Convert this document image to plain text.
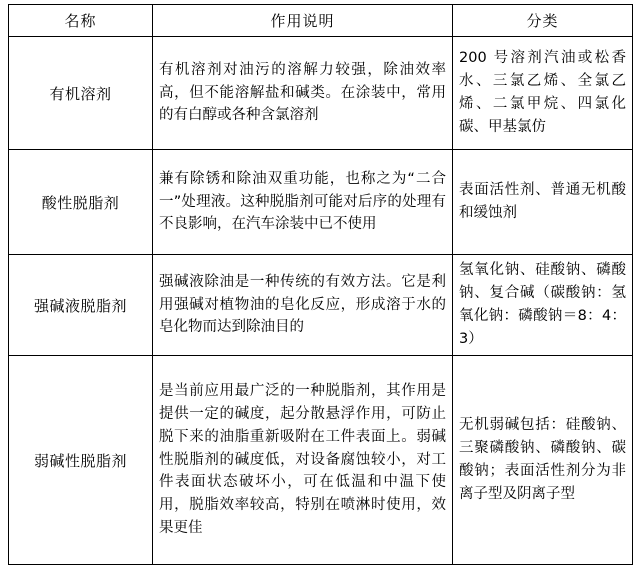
名称	作用说明	分类
有机溶剂	有机溶剂对油污的溶解力较强，除油效率高，但不能溶解盐和碱类。在涂装中，常用的有白醇或各种含氯溶剂	200 号溶剂汽油或松香水、三氯乙烯、全氯乙烯、二氯甲烷、四氯化碳、甲基氯仿
酸性脱脂剂	兼有除锈和除油双重功能，也称之为“二合一”处理液。这种脱脂剂可能对后序的处理有不良影响，在汽车涂装中已不使用	表面活性剂、普通无机酸和缓蚀剂
强碱液脱脂剂	强碱液除油是一种传统的有效方法。它是利用强碱对植物油的皂化反应，形成溶于水的皂化物而达到除油目的	氢氧化钠、硅酸钠、磷酸钠、复合碱（碳酸钠：氢氧化钠：磷酸钠＝8：4：3）
弱碱性脱脂剂	是当前应用最广泛的一种脱脂剂，其作用是提供一定的碱度，起分散悬浮作用，可防止脱下来的油脂重新吸附在工件表面上。弱碱性脱脂剂的碱度低，对设备腐蚀较小，对工件表面状态破坏小，可在低温和中温下使用，脱脂效率较高，特别在喷淋时使用，效果更佳	无机弱碱包括：硅酸钠、三聚磷酸钠、磷酸钠、碳酸钠；表面活性剂分为非离子型及阴离子型
